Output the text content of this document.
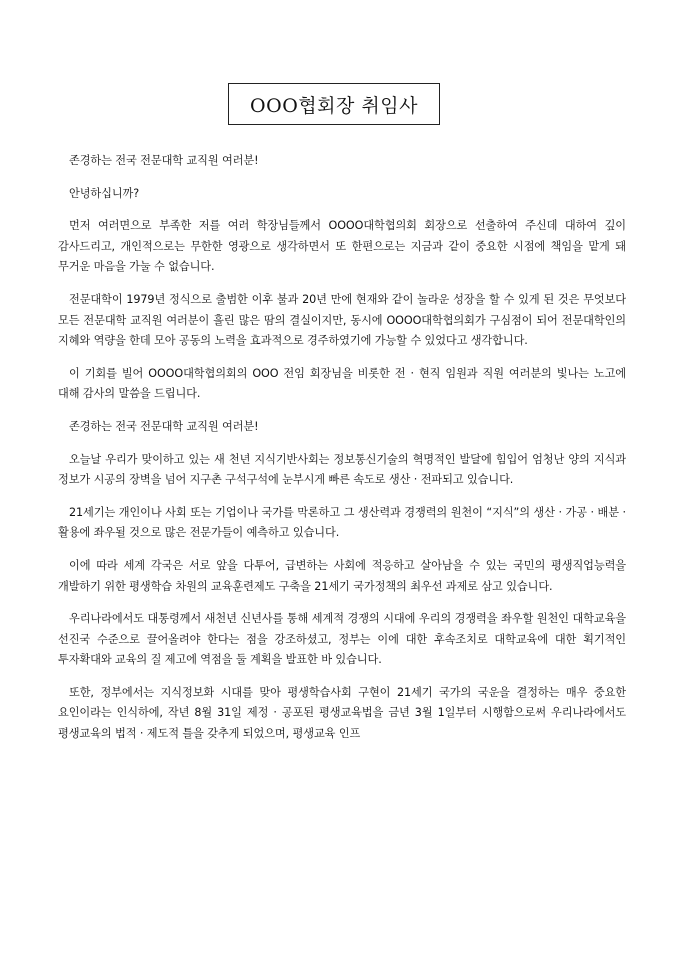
OOO협회장 취임사

존경하는 전국 전문대학 교직원 여러분!

안녕하십니까?

먼저 여러면으로 부족한 저를 여러 학장님들께서 OOOO대학협의회 회장으로 선출하여 주신데 대하여 깊이 감사드리고, 개인적으로는 무한한 영광으로 생각하면서 또 한편으로는 지금과 같이 중요한 시점에 책임을 맡게 돼 무거운 마음을 가눌 수 없습니다.

전문대학이 1979년 정식으로 출범한 이후 불과 20년 만에 현재와 같이 놀라운 성장을 할 수 있게 된 것은 무엇보다 모든 전문대학 교직원 여러분이 흘린 많은 땀의 결실이지만, 동시에 OOOO대학협의회가 구심점이 되어 전문대학인의 지혜와 역량을 한데 모아 공동의 노력을 효과적으로 경주하였기에 가능할 수 있었다고 생각합니다.

이 기회를 빌어 OOOO대학협의회의 OOO 전임 회장님을 비롯한 전 · 현직 임원과 직원 여러분의 빛나는 노고에 대해 감사의 말씀을 드립니다.

존경하는 전국 전문대학 교직원 여러분!

오늘날 우리가 맞이하고 있는 새 천년 지식기반사회는 정보통신기술의 혁명적인 발달에 힘입어 엄청난 양의 지식과 정보가 시공의 장벽을 넘어 지구촌 구석구석에 눈부시게 빠른 속도로 생산 · 전파되고 있습니다.

21세기는 개인이나 사회 또는 기업이나 국가를 막론하고 그 생산력과 경쟁력의 원천이 “지식”의 생산 · 가공 · 배분 · 활용에 좌우될 것으로 많은 전문가들이 예측하고 있습니다.

이에 따라 세계 각국은 서로 앞을 다투어, 급변하는 사회에 적응하고 살아남을 수 있는 국민의 평생직업능력을 개발하기 위한 평생학습 차원의 교육훈련제도 구축을 21세기 국가정책의 최우선 과제로 삼고 있습니다.

우리나라에서도 대통령께서 새천년 신년사를 통해 세계적 경쟁의 시대에 우리의 경쟁력을 좌우할 원천인 대학교육을 선진국 수준으로 끌어올려야 한다는 점을 강조하셨고, 정부는 이에 대한 후속조치로 대학교육에 대한 획기적인 투자확대와 교육의 질 제고에 역점을 둘 계획을 발표한 바 있습니다.

또한, 정부에서는 지식정보화 시대를 맞아 평생학습사회 구현이 21세기 국가의 국운을 결정하는 매우 중요한 요인이라는 인식하에, 작년 8월 31일 제정 · 공포된 평생교육법을 금년 3월 1일부터 시행함으로써 우리나라에서도 평생교육의 법적 · 제도적 틀을 갖추게 되었으며, 평생교육 인프
